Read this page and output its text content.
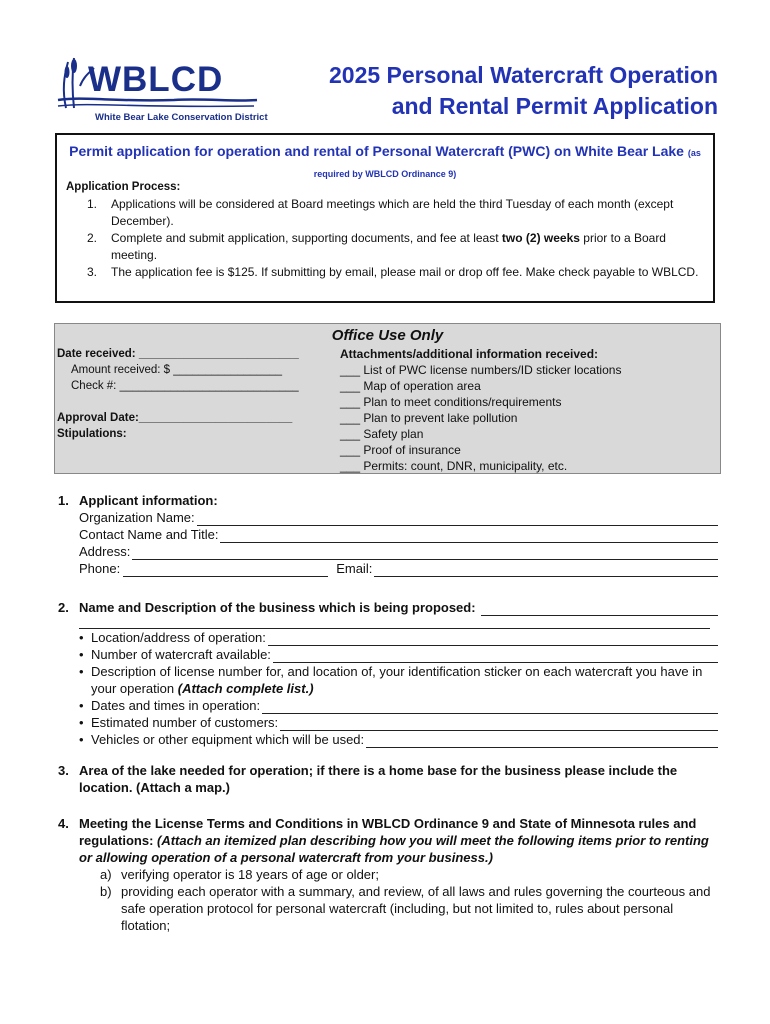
WBLCD
White Bear Lake Conservation District
2025 Personal Watercraft Operation
and Rental Permit Application
Permit application for operation and rental of Personal Watercraft (PWC) on White Bear Lake (as required by WBLCD Ordinance 9)
Application Process:
1. Applications will be considered at Board meetings which are held the third Tuesday of each month (except December).
2. Complete and submit application, supporting documents, and fee at least two (2) weeks prior to a Board meeting.
3. The application fee is $125. If submitting by email, please mail or drop off fee. Make check payable to WBLCD.
Office Use Only
Date received: _________________________
Amount received: $ _________________
Check #: ____________________________
Approval Date:________________________
Stipulations:
Attachments/additional information received:
___ List of PWC license numbers/ID sticker locations
___ Map of operation area
___ Plan to meet conditions/requirements
___ Plan to prevent lake pollution
___ Safety plan
___ Proof of insurance
___ Permits: count, DNR, municipality, etc.
1. Applicant information:
Organization Name:
Contact Name and Title:
Address:
Phone:	Email:
2. Name and Description of the business which is being proposed:
• Location/address of operation:
• Number of watercraft available:
• Description of license number for, and location of, your identification sticker on each watercraft you have in your operation (Attach complete list.)
• Dates and times in operation:
• Estimated number of customers:
• Vehicles or other equipment which will be used:
3. Area of the lake needed for operation; if there is a home base for the business please include the location. (Attach a map.)
4. Meeting the License Terms and Conditions in WBLCD Ordinance 9 and State of Minnesota rules and regulations: (Attach an itemized plan describing how you will meet the following items prior to renting or allowing operation of a personal watercraft from your business.)
a) verifying operator is 18 years of age or older;
b) providing each operator with a summary, and review, of all laws and rules governing the courteous and safe operation protocol for personal watercraft (including, but not limited to, rules about personal flotation;
